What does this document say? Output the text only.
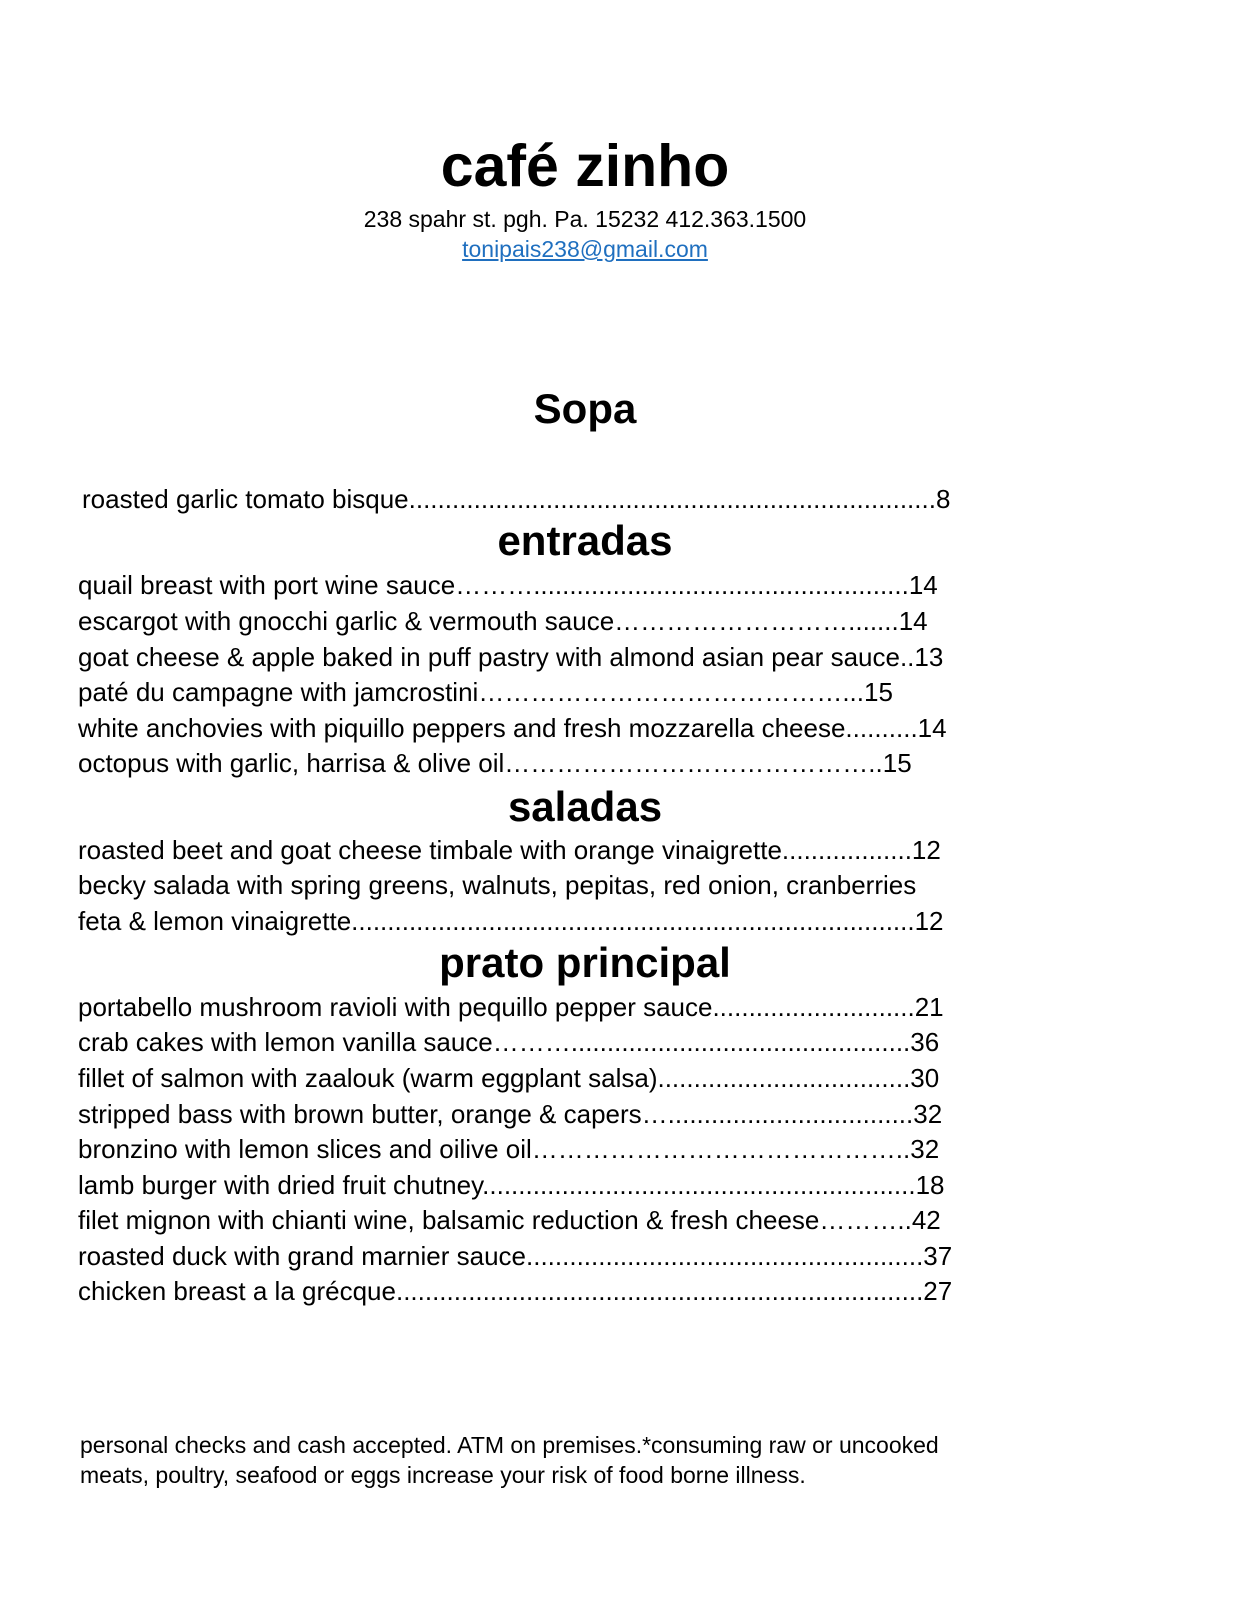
café zinho
238 spahr st. pgh. Pa. 15232 412.363.1500
tonipais238@gmail.com
Sopa
roasted garlic tomato bisque.........................................................................8
entradas
quail breast with port wine sauce………....................................................14
escargot with gnocchi garlic & vermouth sauce……………………….......14
goat cheese & apple baked in puff pastry with almond asian pear sauce..13
paté du campagne with jamcrostini……………………………………...15
white anchovies with piquillo peppers and fresh mozzarella cheese..........14
octopus with garlic, harrisa & olive oil……………………………………..15
saladas
roasted beet and goat cheese timbale with orange vinaigrette..................12
becky salada with spring greens, walnuts, pepitas, red onion, cranberries
feta & lemon vinaigrette..............................................................................12
prato principal
portabello mushroom ravioli with pequillo pepper sauce............................21
crab cakes with lemon vanilla sauce………...............................................36
fillet of salmon with zaalouk (warm eggplant salsa)...................................30
stripped bass with brown butter, orange & capers…..................................32
bronzino with lemon slices and oilive oil……………………………………..32
lamb burger with dried fruit chutney............................................................18
filet mignon with chianti wine, balsamic reduction & fresh cheese………..42
roasted duck with grand marnier sauce.......................................................37
chicken breast a la grécque.........................................................................27
personal checks and cash accepted. ATM on premises.*consuming raw or uncooked
meats, poultry, seafood or eggs increase your risk of food borne illness.
